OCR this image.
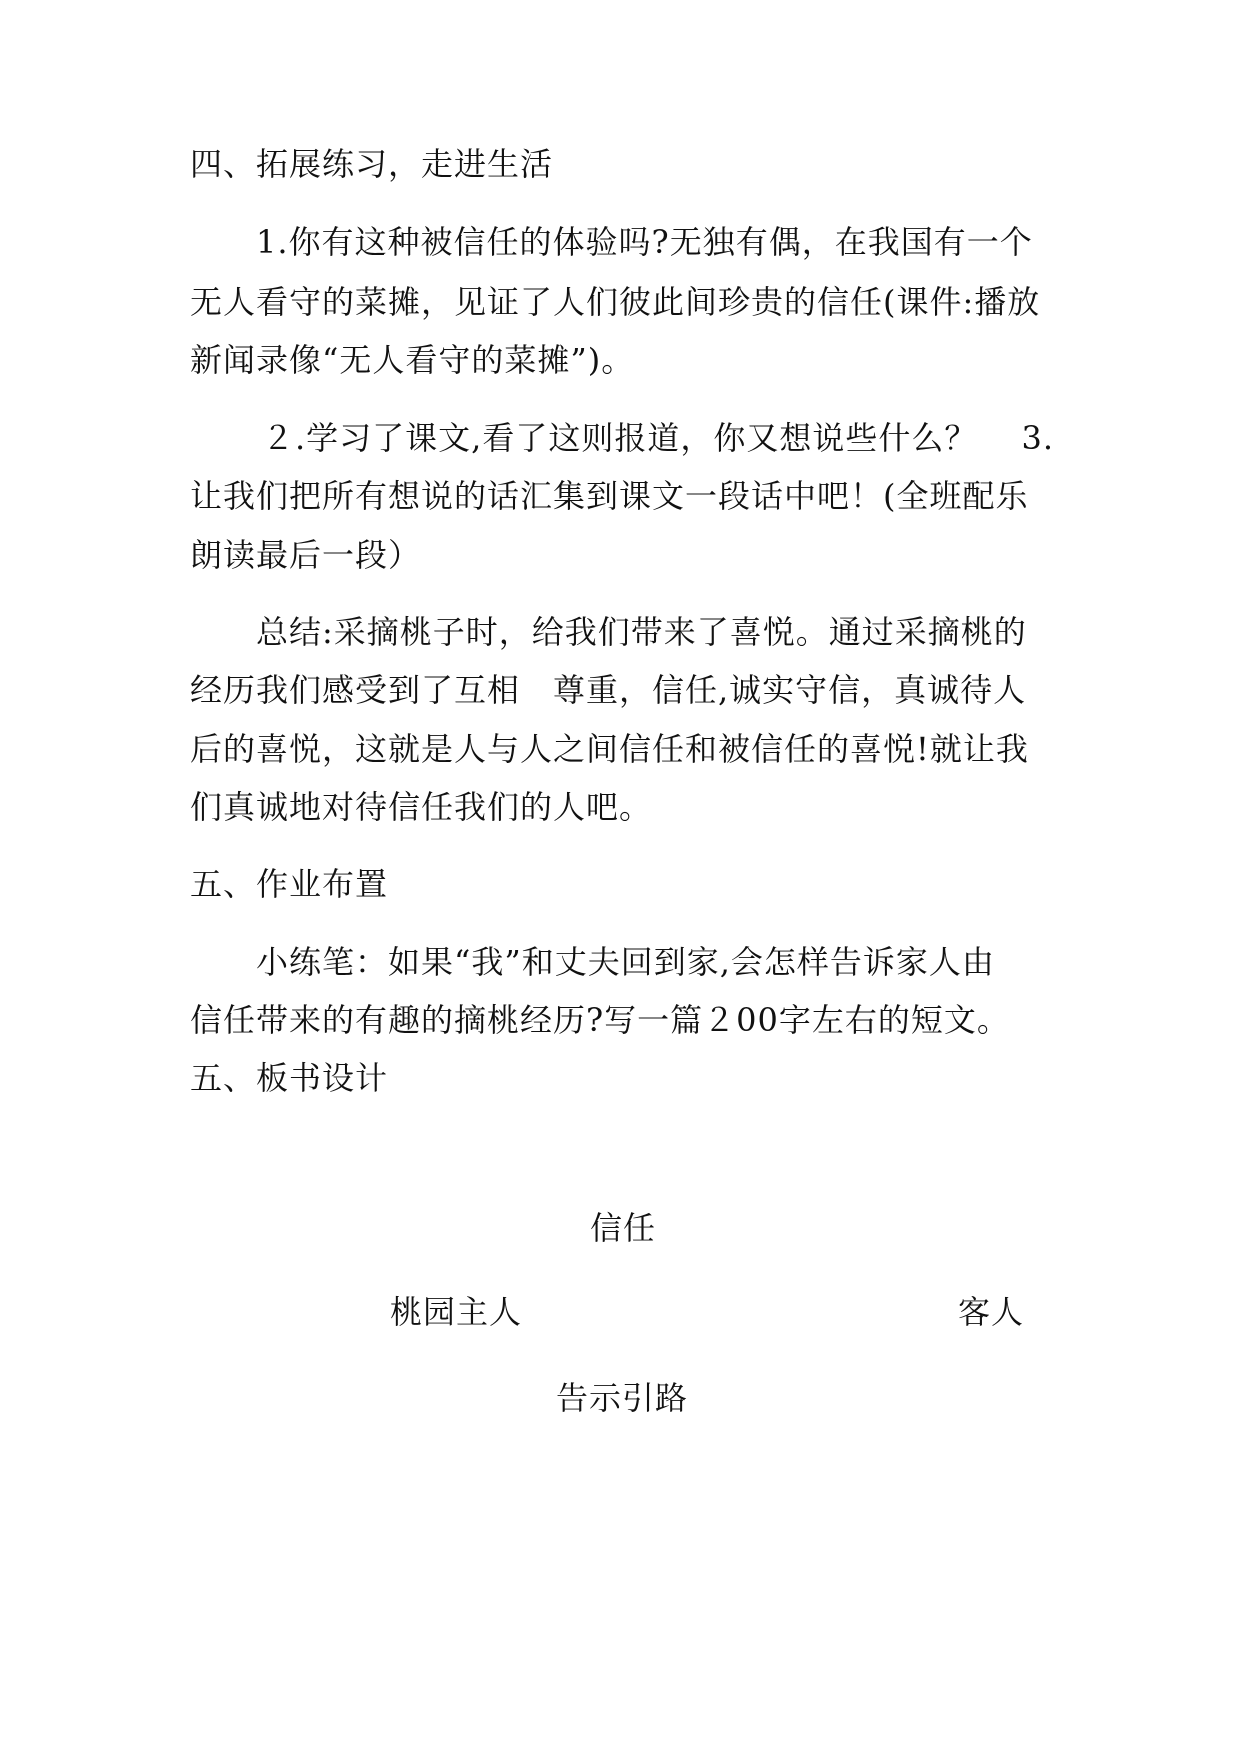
四、拓展练习，走进生活
1.你有这种被信任的体验吗?无独有偶，在我国有一个
无人看守的菜摊，见证了人们彼此间珍贵的信任(课件:播放
新闻录像“无人看守的菜摊”)。
２.学习了课文,看了这则报道，你又想说些什么？　 3.
让我们把所有想说的话汇集到课文一段话中吧！(全班配乐
朗读最后一段）
总结:采摘桃子时，给我们带来了喜悦。通过采摘桃的
经历我们感受到了互相　尊重，信任,诚实守信，真诚待人
后的喜悦，这就是人与人之间信任和被信任的喜悦!就让我
们真诚地对待信任我们的人吧。
五、作业布置
小练笔：如果“我”和丈夫回到家,会怎样告诉家人由
信任带来的有趣的摘桃经历?写一篇２00字左右的短文。
五、板书设计
信任
桃园主人	客人
告示引路
